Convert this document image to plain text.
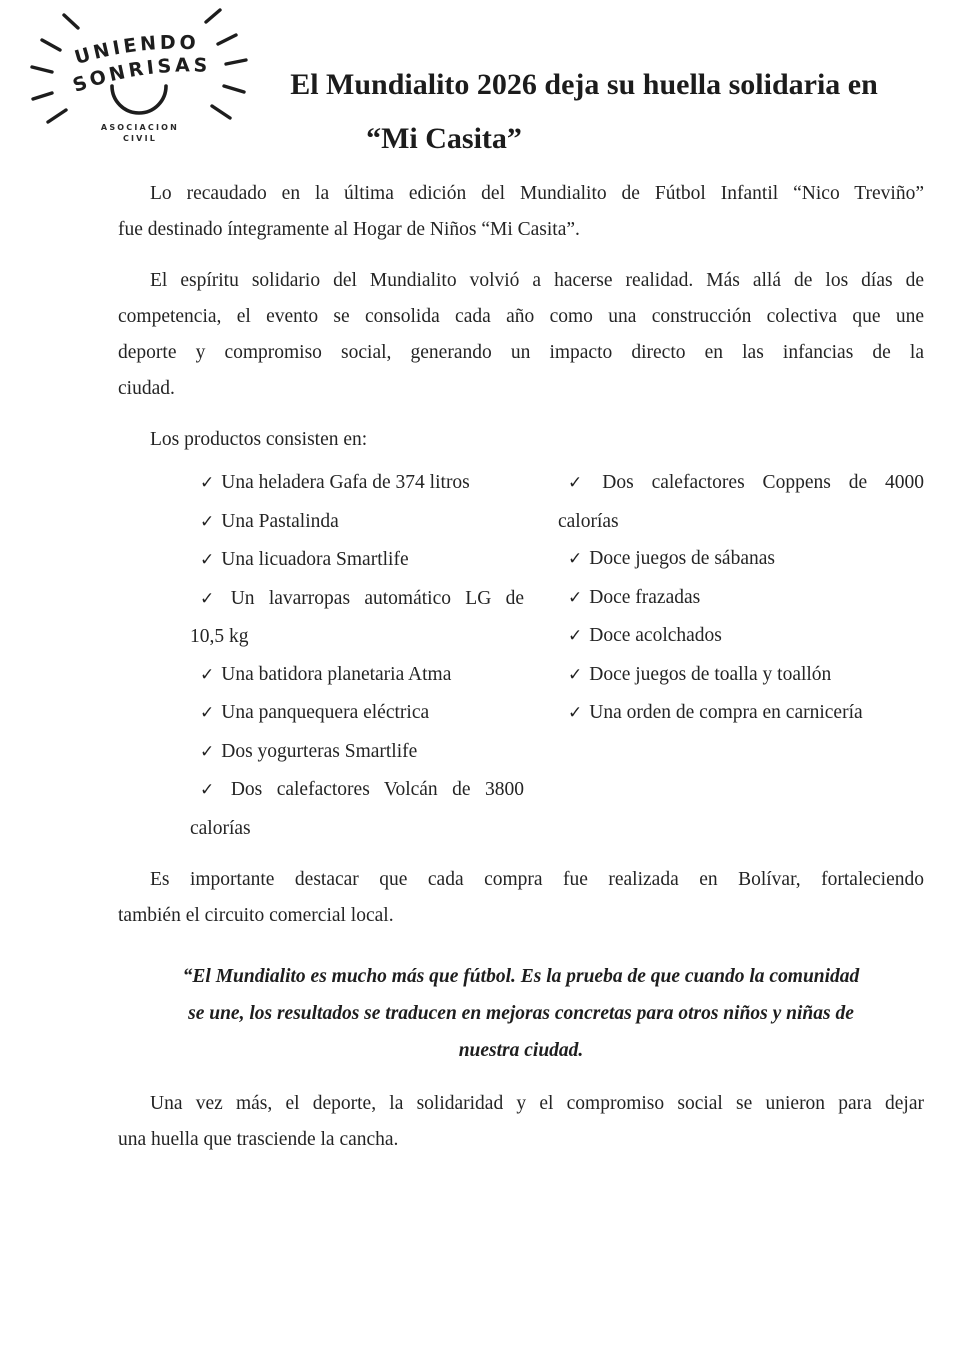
UNIENDO
SONRISAS
ASOCIACION
CIVIL
El Mundialito 2026 deja su huella solidaria en
“Mi Casita”

Lo recaudado en la última edición del Mundialito de Fútbol Infantil “Nico Treviño”
fue destinado íntegramente al Hogar de Niños “Mi Casita”.

El espíritu solidario del Mundialito volvió a hacerse realidad. Más allá de los días de
competencia, el evento se consolida cada año como una construcción colectiva que une
deporte y compromiso social, generando un impacto directo en las infancias de la
ciudad.

Los productos consisten en:

✓ Una heladera Gafa de 374 litros
✓ Una Pastalinda
✓ Una licuadora Smartlife
✓ Un lavarropas automático LG de
10,5 kg
✓ Una batidora planetaria Atma
✓ Una panquequera eléctrica
✓ Dos yogurteras Smartlife
✓ Dos calefactores Volcán de 3800
calorías
✓ Dos calefactores Coppens de 4000
calorías
✓ Doce juegos de sábanas
✓ Doce frazadas
✓ Doce acolchados
✓ Doce juegos de toalla y toallón
✓ Una orden de compra en carnicería

Es importante destacar que cada compra fue realizada en Bolívar, fortaleciendo
también el circuito comercial local.

“El Mundialito es mucho más que fútbol. Es la prueba de que cuando la comunidad
se une, los resultados se traducen en mejoras concretas para otros niños y niñas de
nuestra ciudad.

Una vez más, el deporte, la solidaridad y el compromiso social se unieron para dejar
una huella que trasciende la cancha.
